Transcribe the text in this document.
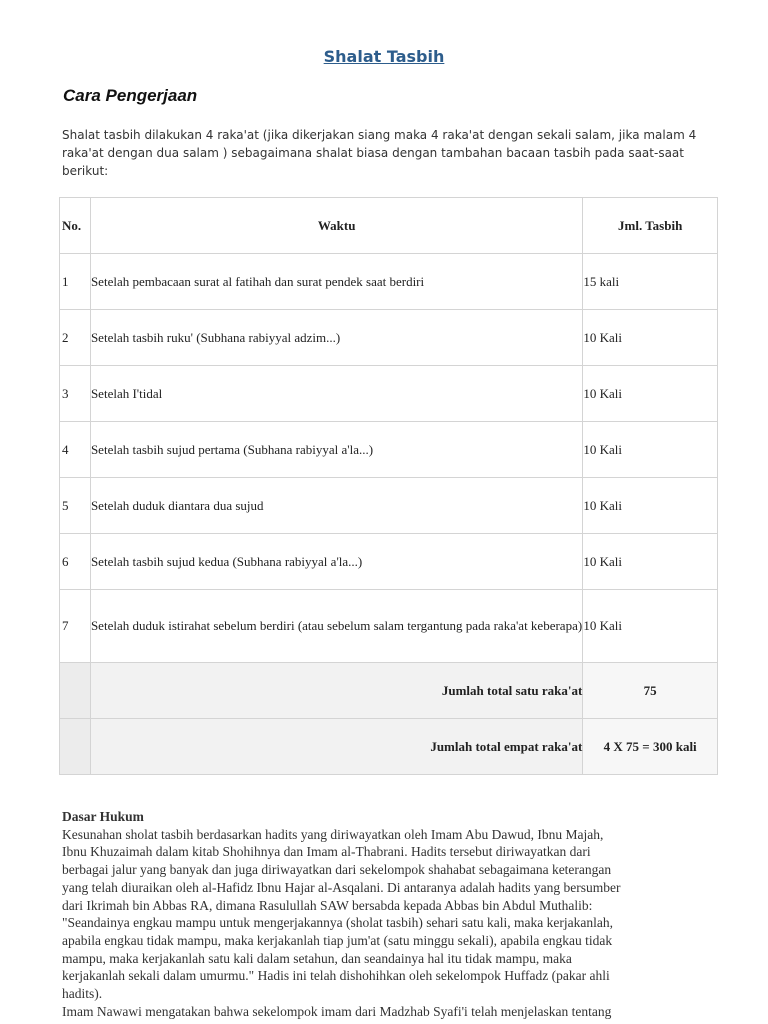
Shalat Tasbih
Cara Pengerjaan
Shalat tasbih dilakukan 4 raka'at (jika dikerjakan siang maka 4 raka'at dengan sekali salam, jika malam 4 raka'at dengan dua salam ) sebagaimana shalat biasa dengan tambahan bacaan tasbih pada saat-saat berikut:
No.	Waktu	Jml. Tasbih
1	Setelah pembacaan surat al fatihah dan surat pendek saat berdiri	15 kali
2	Setelah tasbih ruku' (Subhana rabiyyal adzim...)	10 Kali
3	Setelah I'tidal	10 Kali
4	Setelah tasbih sujud pertama (Subhana rabiyyal a'la...)	10 Kali
5	Setelah duduk diantara dua sujud	10 Kali
6	Setelah tasbih sujud kedua (Subhana rabiyyal a'la...)	10 Kali
7	Setelah duduk istirahat sebelum berdiri (atau sebelum salam tergantung pada raka'at keberapa)	10 Kali
	Jumlah total satu raka'at	75
	Jumlah total empat raka'at	4 X 75 = 300 kali
Dasar Hukum
Kesunahan sholat tasbih berdasarkan hadits yang diriwayatkan oleh Imam Abu Dawud, Ibnu Majah,
Ibnu Khuzaimah dalam kitab Shohihnya dan Imam al-Thabrani. Hadits tersebut diriwayatkan dari
berbagai jalur yang banyak dan juga diriwayatkan dari sekelompok shahabat sebagaimana keterangan
yang telah diuraikan oleh al-Hafidz Ibnu Hajar al-Asqalani. Di antaranya adalah hadits yang bersumber
dari Ikrimah bin Abbas RA, dimana Rasulullah SAW bersabda kepada Abbas bin Abdul Muthalib:
"Seandainya engkau mampu untuk mengerjakannya (sholat tasbih) sehari satu kali, maka kerjakanlah,
apabila engkau tidak mampu, maka kerjakanlah tiap jum'at (satu minggu sekali), apabila engkau tidak
mampu, maka kerjakanlah satu kali dalam setahun, dan seandainya hal itu tidak mampu, maka
kerjakanlah sekali dalam umurmu." Hadis ini telah dishohihkan oleh sekelompok Huffadz (pakar ahli
hadits).
Imam Nawawi mengatakan bahwa sekelompok imam dari Madzhab Syafi'i telah menjelaskan tentang
